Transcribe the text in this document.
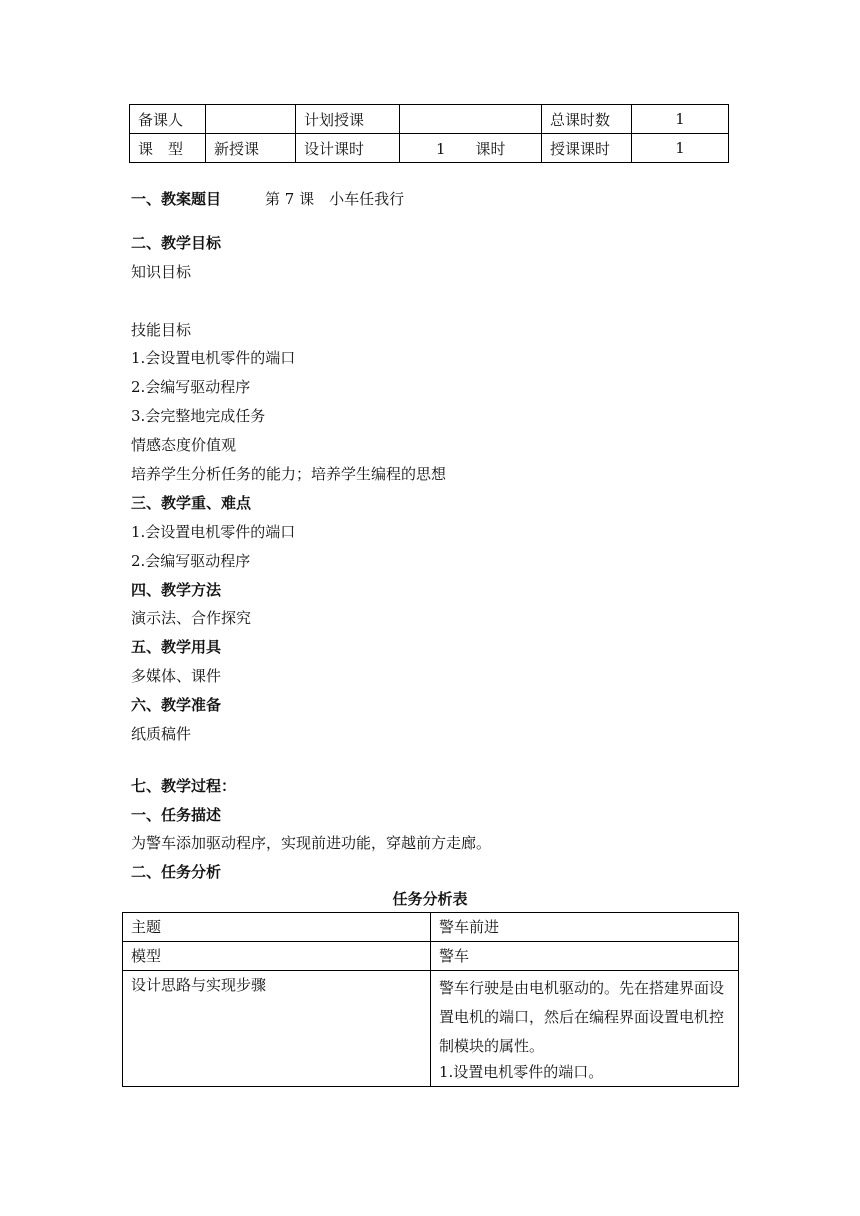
备课人		计划授课		总课时数	1
课　型	新授课	设计课时	1　　课时	授课课时	1
一、教案题目	第 7 课　小车任我行
二、教学目标
知识目标
技能目标
1.会设置电机零件的端口
2.会编写驱动程序
3.会完整地完成任务
情感态度价值观
培养学生分析任务的能力；培养学生编程的思想
三、教学重、难点
1.会设置电机零件的端口
2.会编写驱动程序
四、教学方法
演示法、合作探究
五、教学用具
多媒体、课件
六、教学准备
纸质稿件
七、教学过程：
一、任务描述
为警车添加驱动程序，实现前进功能，穿越前方走廊。
二、任务分析
任务分析表
主题	警车前进
模型	警车
设计思路与实现步骤	警车行驶是由电机驱动的。先在搭建界面设置电机的端口，然后在编程界面设置电机控制模块的属性。
1.设置电机零件的端口。
